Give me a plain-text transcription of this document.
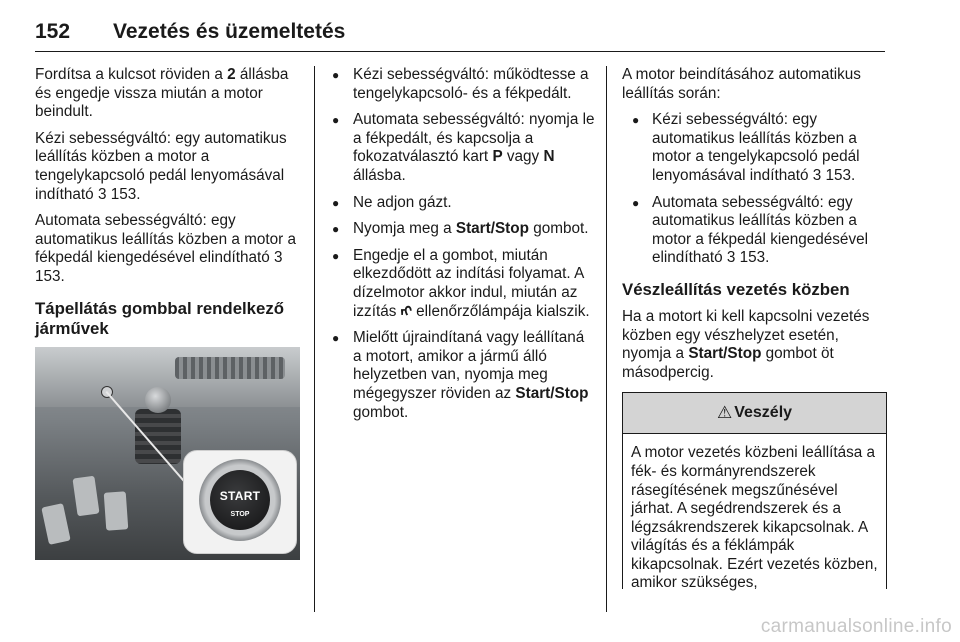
152 Vezetés és üzemeltetés

Fordítsa a kulcsot röviden a 2 állásba és engedje vissza miután a motor beindult.

Kézi sebességváltó: egy automatikus leállítás közben a motor a tengelykapcsoló pedál lenyomásával indítható 3 153.

Automata sebességváltó: egy automatikus leállítás közben a motor a fékpedál kiengedésével elindítható 3 153.

Tápellátás gombbal rendelkező járművek
START
STOP
● Kézi sebességváltó: működtesse a tengelykapcsoló- és a fékpedált.
● Automata sebességváltó: nyomja le a fékpedált, és kapcsolja a fokozatválasztó kart P vagy N állásba.
● Ne adjon gázt.
● Nyomja meg a Start/Stop gombot.
● Engedje el a gombot, miután elkezdődött az indítási folyamat. A dízelmotor akkor indul, miután az izzítás ᡢ ellenőrzőlámpája kialszik.
● Mielőtt újraindítaná vagy leállítaná a motort, amikor a jármű álló helyzetben van, nyomja meg mégegyszer röviden az Start/Stop gombot.

A motor beindításához automatikus leállítás során:

● Kézi sebességváltó: egy automatikus leállítás közben a motor a tengelykapcsoló pedál lenyomásával indítható 3 153.
● Automata sebességváltó: egy automatikus leállítás közben a motor a fékpedál kiengedésével elindítható 3 153.
Vészleállítás vezetés közben

Ha a motort ki kell kapcsolni vezetés közben egy vészhelyzet esetén, nyomja a Start/Stop gombot öt másodpercig.

⚠ Veszély
A motor vezetés közbeni leállítása a fék- és kormányrendszerek rásegítésének megszűnésével járhat. A segédrendszerek és a légzsákrendszerek kikapcsolnak. A világítás és a féklámpák kikapcsolnak. Ezért vezetés közben, amikor szükséges,
carmanualsonline.info
